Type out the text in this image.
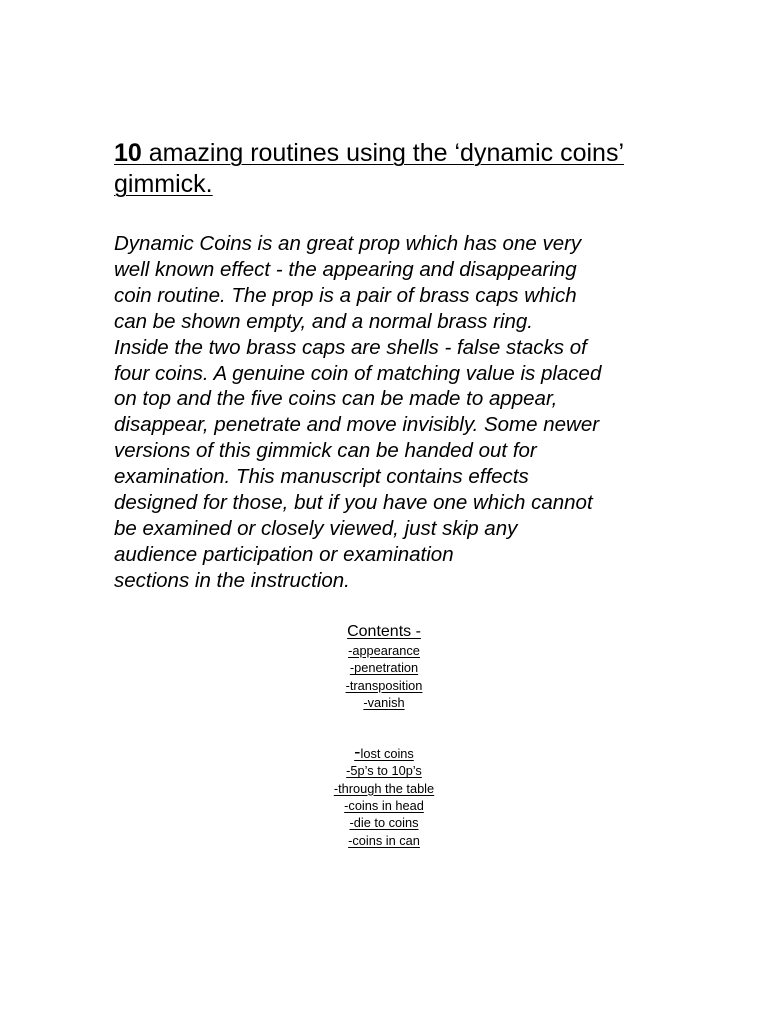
10 amazing routines using the ‘dynamic coins’ gimmick.

Dynamic Coins is an great prop which has one very
well known effect - the appearing and disappearing
coin routine. The prop is a pair of brass caps which
can be shown empty, and a normal brass ring.
Inside the two brass caps are shells - false stacks of
four coins. A genuine coin of matching value is placed
on top and the five coins can be made to appear,
disappear, penetrate and move invisibly. Some newer
versions of this gimmick can be handed out for
examination. This manuscript contains effects
designed for those, but if you have one which cannot
be examined or closely viewed, just skip any
audience participation or examination
sections in the instruction.

Contents -
-appearance
-penetration
-transposition
-vanish
-lost coins
-5p’s to 10p’s
-through the table
-coins in head
-die to coins
-coins in can
